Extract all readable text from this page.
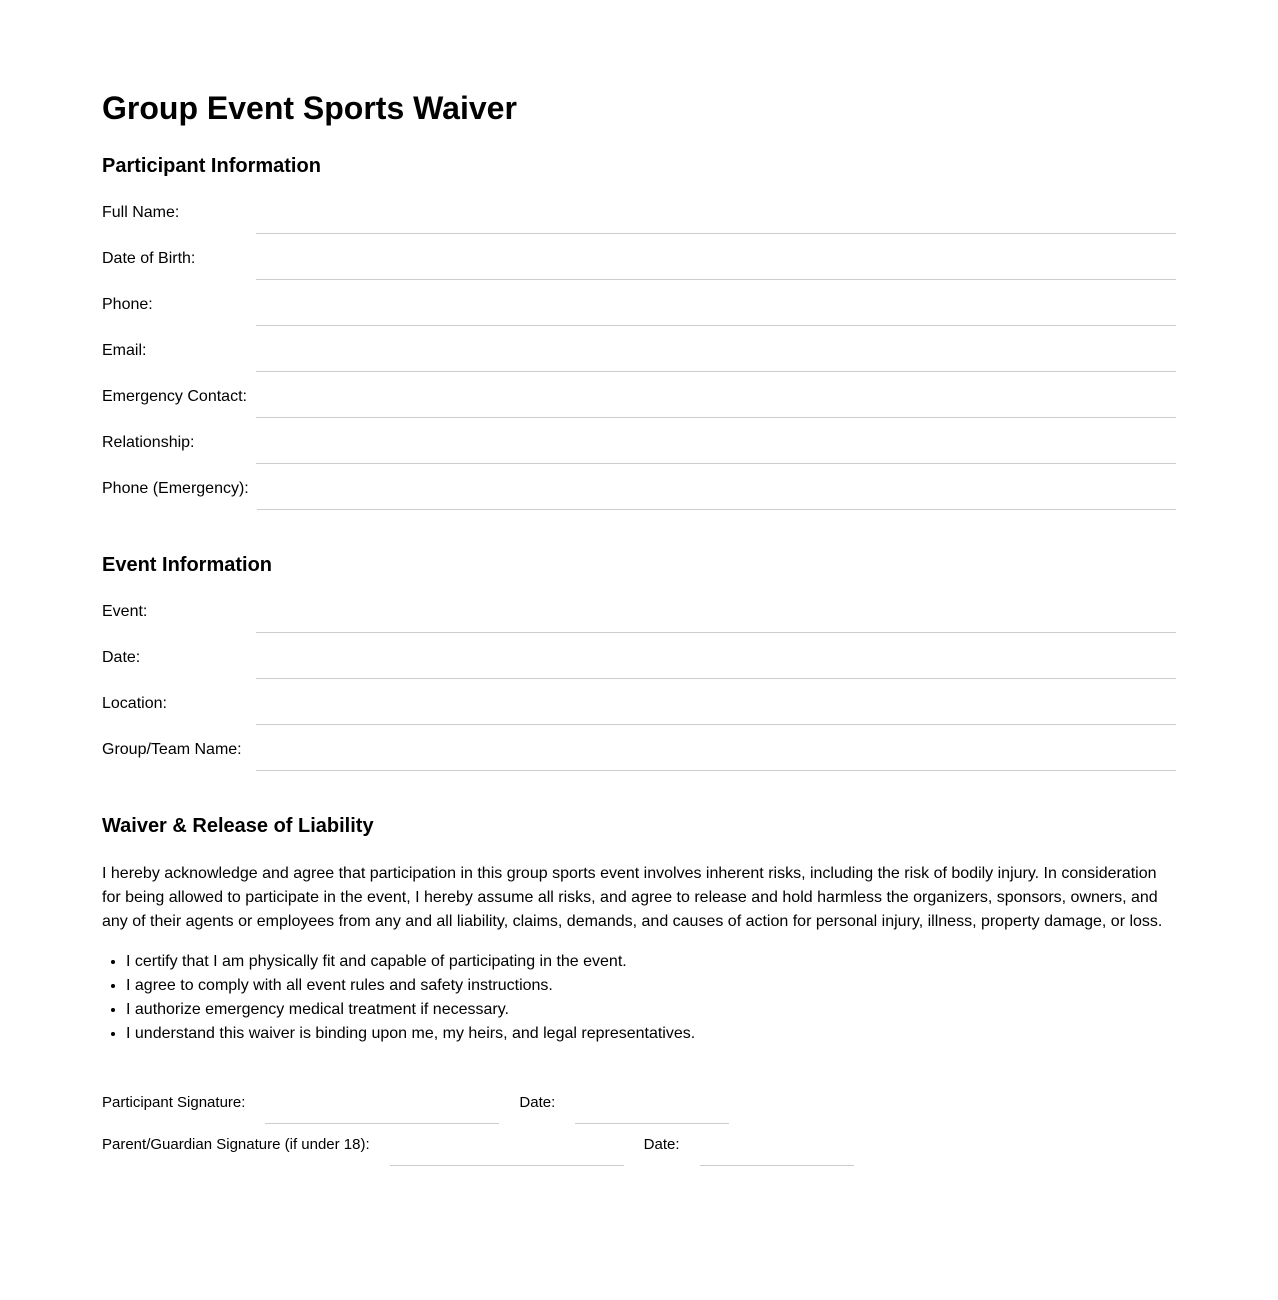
Group Event Sports Waiver
Participant Information
Full Name:
Date of Birth:
Phone:
Email:
Emergency Contact:
Relationship:
Phone (Emergency):
Event Information
Event:
Date:
Location:
Group/Team Name:
Waiver & Release of Liability

I hereby acknowledge and agree that participation in this group sports event involves inherent risks, including the risk of bodily injury. In consideration for being allowed to participate in the event, I hereby assume all risks, and agree to release and hold harmless the organizers, sponsors, owners, and any of their agents or employees from any and all liability, claims, demands, and causes of action for personal injury, illness, property damage, or loss.

• I certify that I am physically fit and capable of participating in the event.
• I agree to comply with all event rules and safety instructions.
• I authorize emergency medical treatment if necessary.
• I understand this waiver is binding upon me, my heirs, and legal representatives.
Participant Signature:	Date:
Parent/Guardian Signature (if under 18):	Date:
